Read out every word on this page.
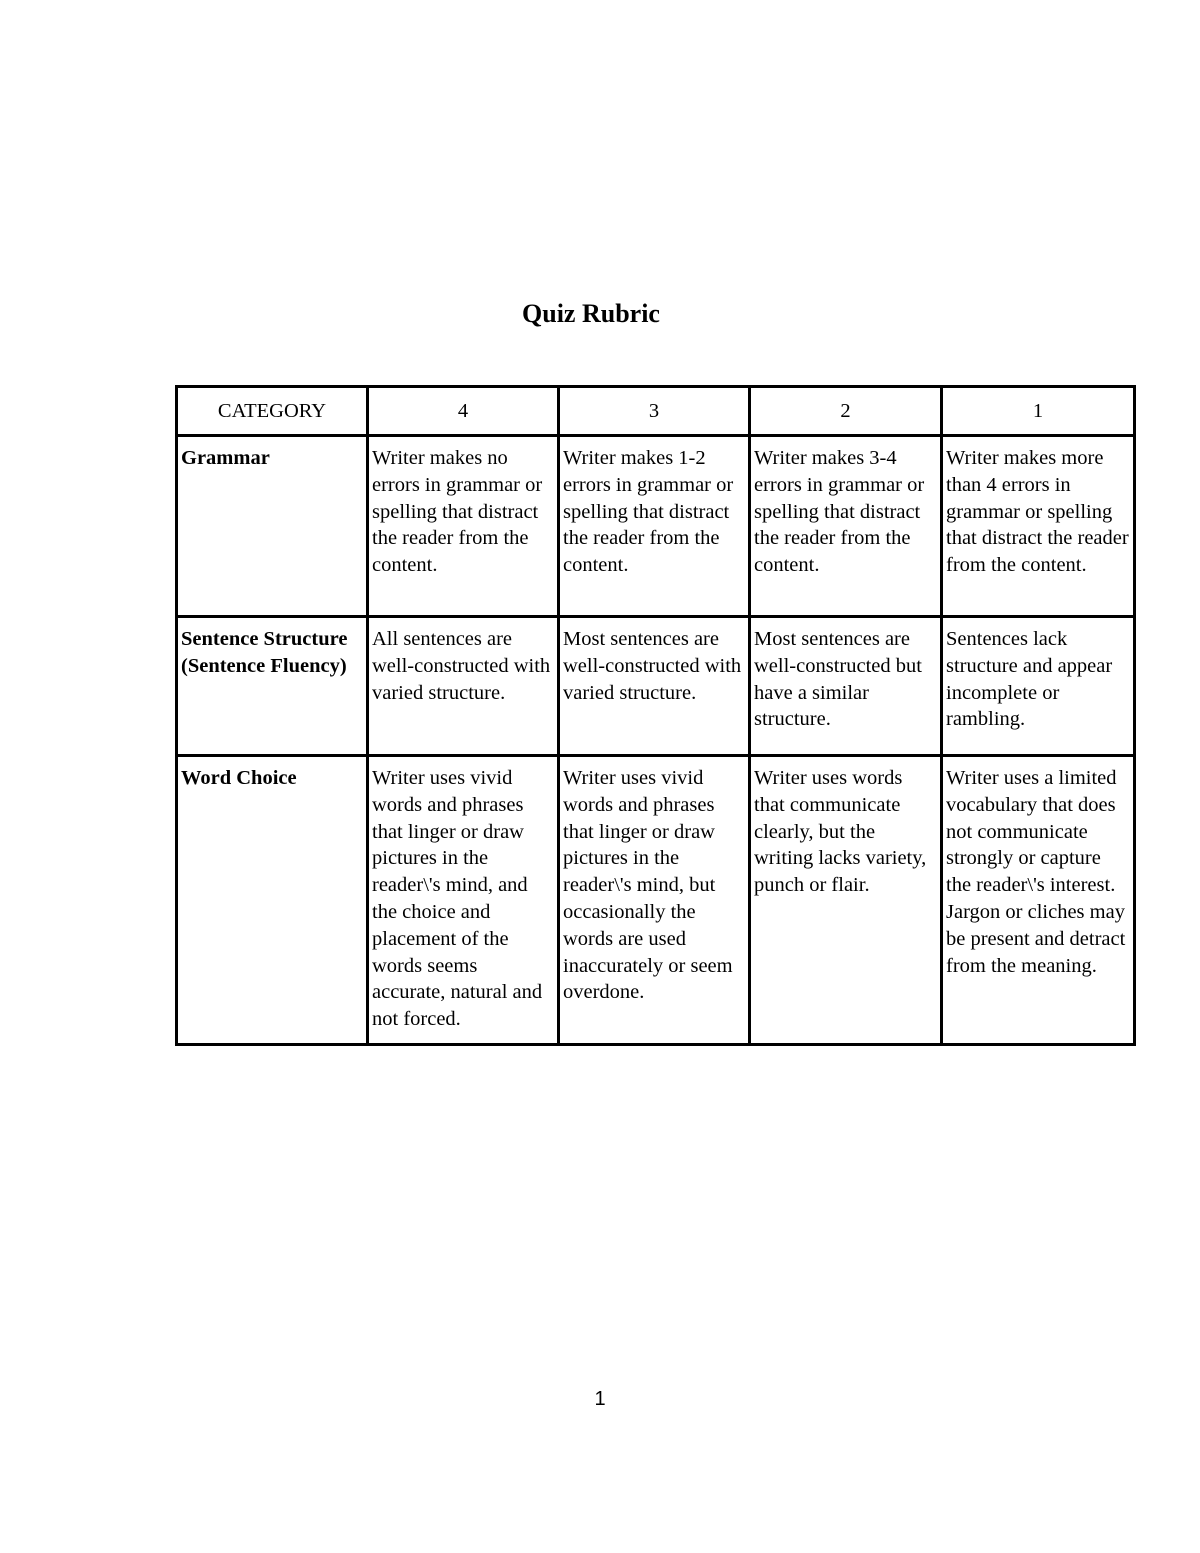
Quiz Rubric
CATEGORY	4	3	2	1
Grammar	Writer makes no errors in grammar or spelling that distract the reader from the content.	Writer makes 1-2 errors in grammar or spelling that distract the reader from the content.	Writer makes 3-4 errors in grammar or spelling that distract the reader from the content.	Writer makes more than 4 errors in grammar or spelling that distract the reader from the content.
Sentence Structure (Sentence Fluency)	All sentences are well-constructed with varied structure.	Most sentences are well-constructed with varied structure.	Most sentences are well-constructed but have a similar structure.	Sentences lack structure and appear incomplete or rambling.
Word Choice	Writer uses vivid words and phrases that linger or draw pictures in the reader\'s mind, and the choice and placement of the words seems accurate, natural and not forced.	Writer uses vivid words and phrases that linger or draw pictures in the reader\'s mind, but occasionally the words are used inaccurately or seem overdone.	Writer uses words that communicate clearly, but the writing lacks variety, punch or flair.	Writer uses a limited vocabulary that does not communicate strongly or capture the reader\'s interest. Jargon or cliches may be present and detract from the meaning.
1
